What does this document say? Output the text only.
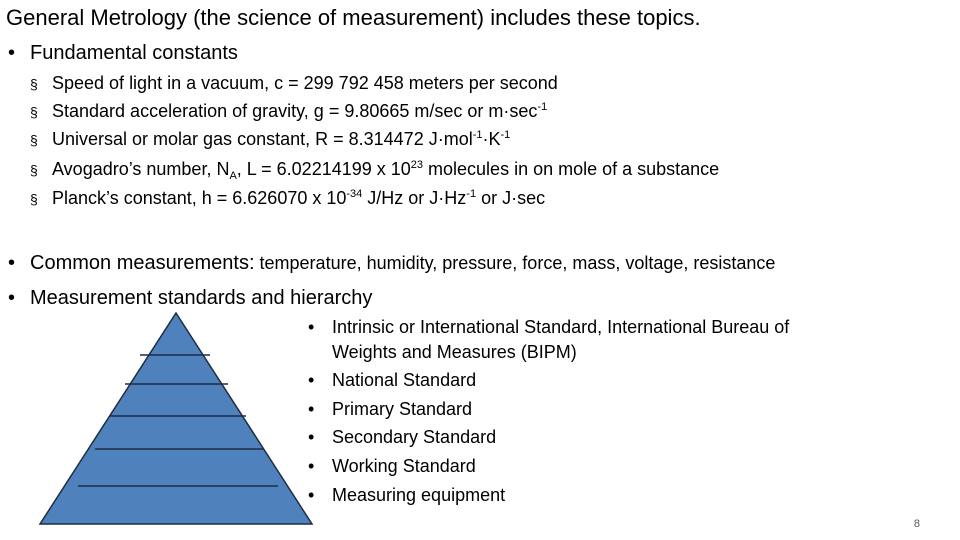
General Metrology (the science of measurement) includes these topics.
• Fundamental constants
§ Speed of light in a vacuum, c = 299 792 458 meters per second
§ Standard acceleration of gravity, g = 9.80665 m/sec or $m\cdot\sec^{-1}$
§ Universal or molar gas constant, R = 8.314472 $J\cdot mol^{-1}\cdot K^{-1}$
§ Avogadro’s number, $N_A$, L = 6.02214199 x $10^{23}$ molecules in on mole of a substance
§ Planck’s constant, h = 6.626070 x $10^{-34}$ J/Hz or $J\cdot Hz^{-1}$ or J·sec
• Common measurements: temperature, humidity, pressure, force, mass, voltage, resistance
• Measurement standards and hierarchy
• Intrinsic or International Standard, International Bureau of
Weights and Measures (BIPM)
• National Standard
• Primary Standard
• Secondary Standard
• Working Standard
• Measuring equipment
8
